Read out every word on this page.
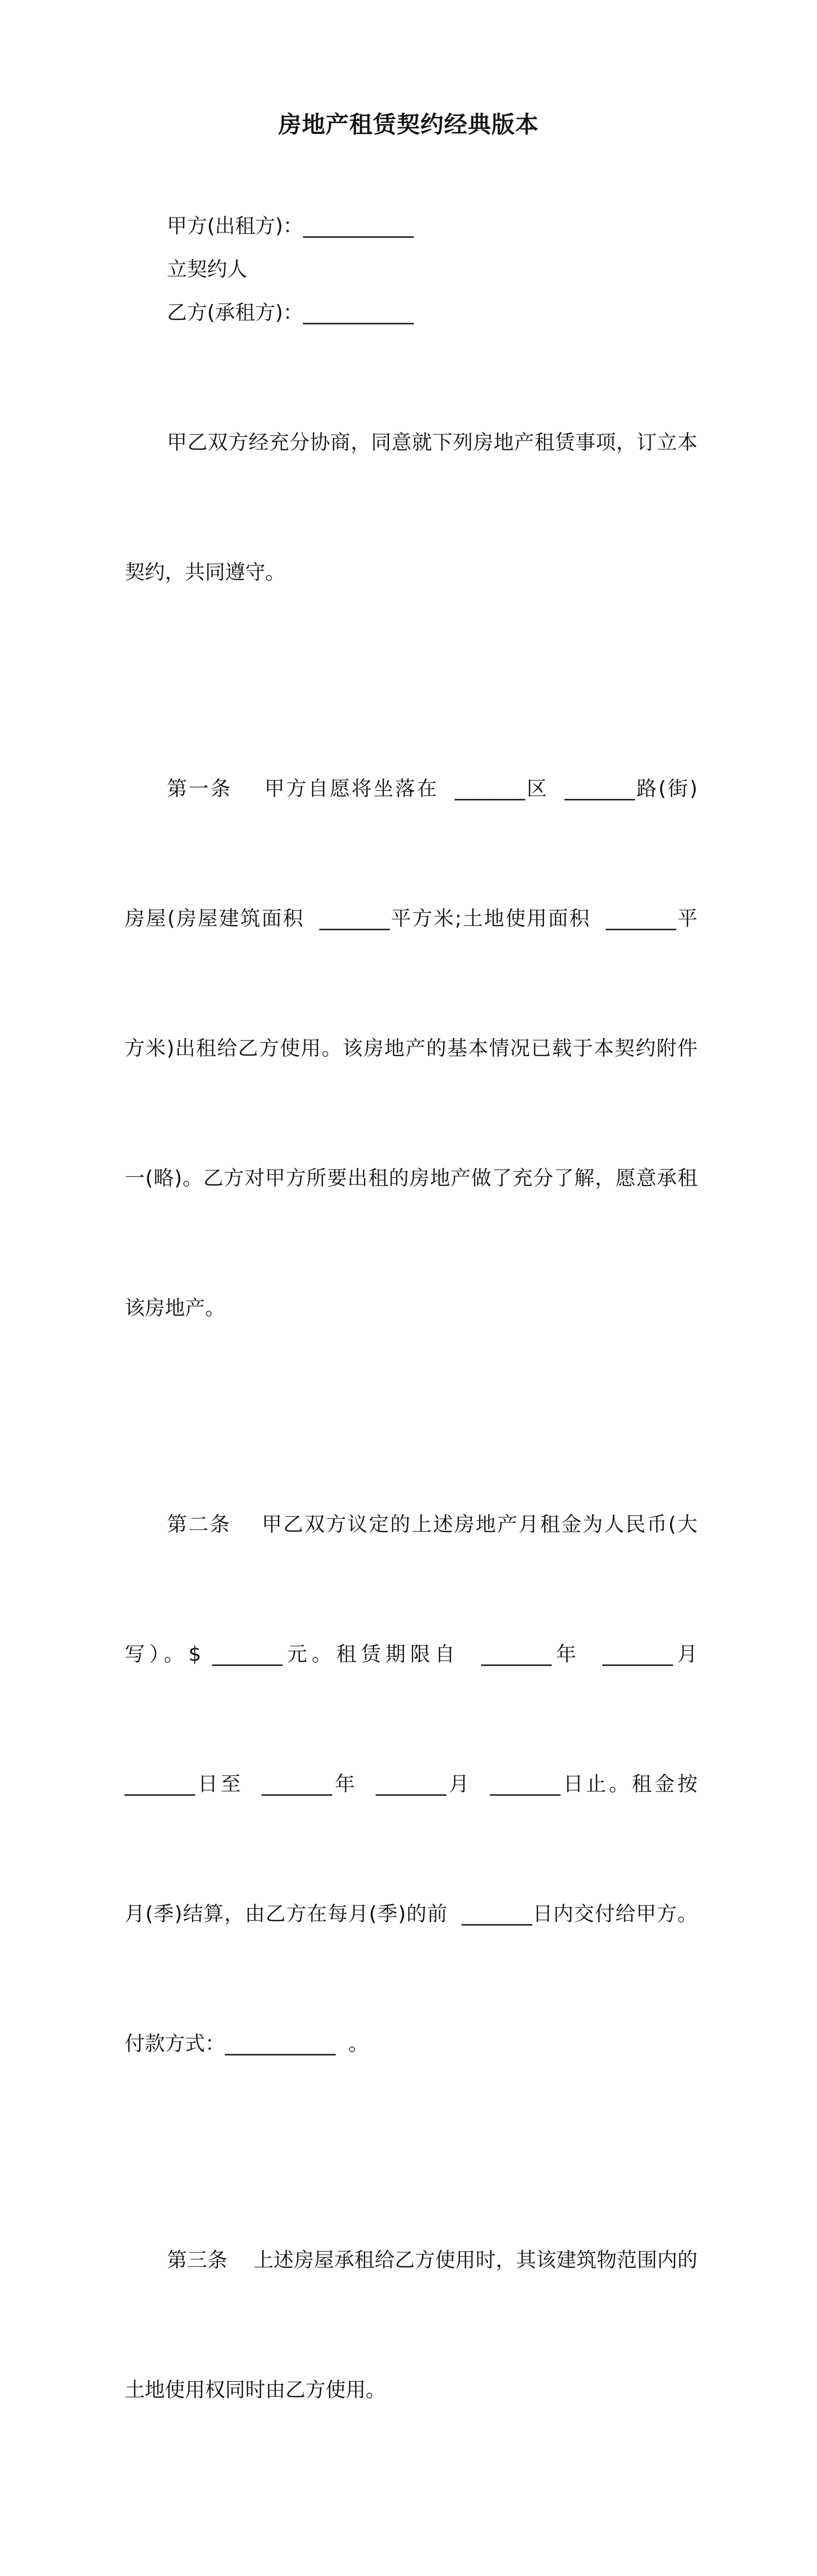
房地产租赁契约经典版本
甲方(出租方)：___________
立契约人
乙方(承租方)：___________

甲乙双方经充分协商，同意就下列房地产租赁事项，订立本

契约，共同遵守。

第一条    甲方自愿将坐落在  _______区  _______路(街)

房屋(房屋建筑面积  _______平方米;土地使用面积  _______平

方米)出租给乙方使用。该房地产的基本情况已载于本契约附件

一(略)。乙方对甲方所要出租的房地产做了充分了解，愿意承租

该房地产。

第二条    甲乙双方议定的上述房地产月租金为人民币(大

写）。$ _______元。租赁期限自  _______年  _______月

_______日至  _______年  _______月  _______日止。租金按

月(季)结算，由乙方在每月(季)的前  _______日内交付给甲方。

付款方式：___________  。

第三条    上述房屋承租给乙方使用时，其该建筑物范围内的

土地使用权同时由乙方使用。
